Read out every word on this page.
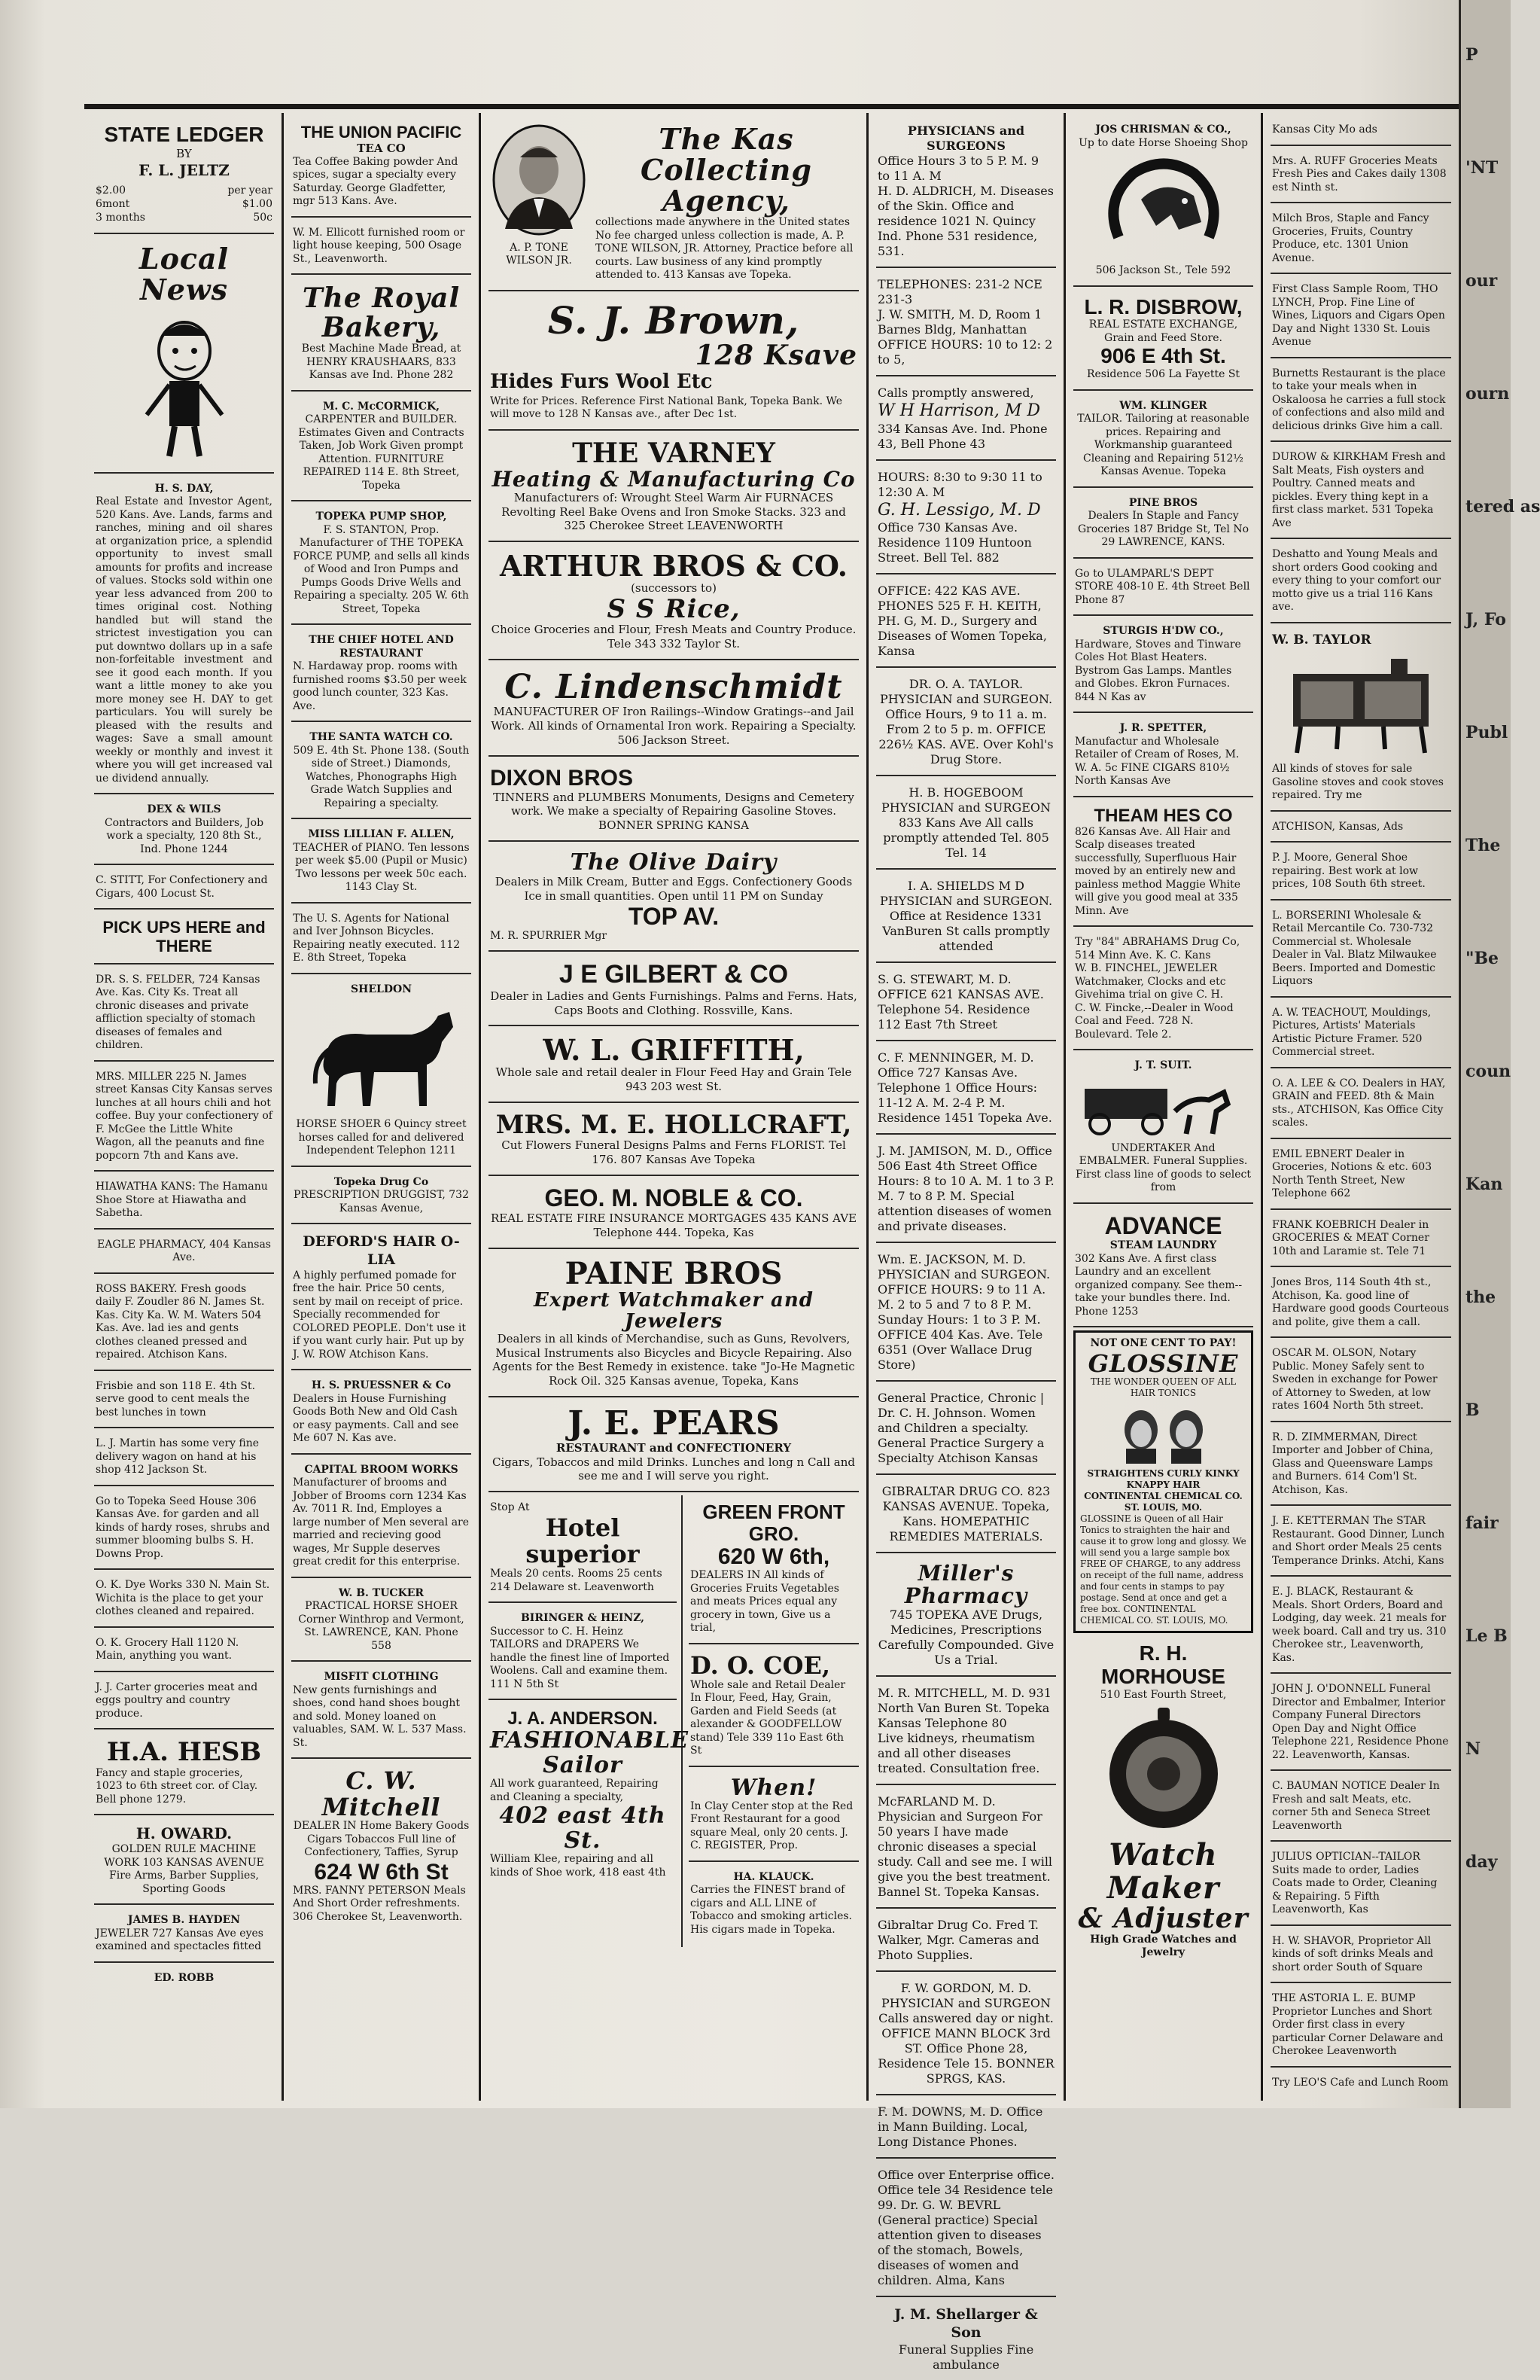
P
'NT
our
ourn
tered as
J, Fo
Publ
The
"Be
coun
Kan
the
B
fair
Le B
N
day
STATE LEDGER
BY
F. L. JELTZ
$2.00	per year
6mont	$1.00
3 months	50c
Local News
H. S. DAY,
Real Estate and Investor Agent, 520 Kans. Ave. Lands, farms and ranches, mining and oil shares at organization price, a splendid opportunity to invest small amounts for profits and increase of values. Stocks sold within one year less advanced from 200 to times original cost. Nothing handled but will stand the strictest investigation you can put downtwo dollars up in a safe non-forfeitable investment and see it good each month. If you want a little money to ake you more money see H. DAY to get particulars. You will surely be pleased with the results and wages: Save a small amount weekly or monthly and invest it where you will get increased val ue dividend annually.
DEX & WILS
Contractors and Builders, Job work a specialty, 120 8th St., Ind. Phone 1244
C. STITT, For Confectionery and Cigars, 400 Locust St.
PICK UPS HERE and THERE
DR. S. S. FELDER, 724 Kansas Ave. Kas. City Ks. Treat all chronic diseases and private affliction specialty of stomach diseases of females and children.
MRS. MILLER 225 N. James street Kansas City Kansas serves lunches at all hours chili and hot coffee. Buy your confectionery of F. McGee the Little White Wagon, all the peanuts and fine popcorn 7th and Kans ave.
HIAWATHA KANS: The Hamanu Shoe Store at Hiawatha and Sabetha.
EAGLE PHARMACY, 404 Kansas Ave.
ROSS BAKERY. Fresh goods daily F. Zoudler 86 N. James St. Kas. City Ka. W. M. Waters 504 Kas. Ave. lad ies and gents clothes cleaned pressed and repaired. Atchison Kans.
Frisbie and son 118 E. 4th St. serve good to cent meals the best lunches in town
L. J. Martin has some very fine delivery wagon on hand at his shop 412 Jackson St.
Go to Topeka Seed House 306 Kansas Ave. for garden and all kinds of hardy roses, shrubs and summer blooming bulbs S. H. Downs Prop.
O. K. Dye Works 330 N. Main St. Wichita is the place to get your clothes cleaned and repaired.
O. K. Grocery Hall 1120 N. Main, anything you want.
J. J. Carter groceries meat and eggs poultry and country produce.
H.A. HESB
Fancy and staple groceries, 1023 to 6th street cor. of Clay. Bell phone 1279.
H. OWARD.
GOLDEN RULE MACHINE WORK 103 KANSAS AVENUE Fire Arms, Barber Supplies, Sporting Goods
JAMES B. HAYDEN
JEWELER 727 Kansas Ave eyes examined and spectacles fitted
ED. ROBB
THE UNION PACIFIC
TEA CO
Tea Coffee Baking powder And spices, sugar a specialty every Saturday. George Gladfetter, mgr 513 Kans. Ave.
W. M. Ellicott furnished room or light house keeping, 500 Osage St., Leavenworth.
The Royal Bakery,
Best Machine Made Bread, at HENRY KRAUSHAARS, 833 Kansas ave Ind. Phone 282
M. C. McCORMICK,
CARPENTER and BUILDER. Estimates Given and Contracts Taken, Job Work Given prompt Attention. FURNITURE REPAIRED 114 E. 8th Street, Topeka
TOPEKA PUMP SHOP,
F. S. STANTON, Prop. Manufacturer of THE TOPEKA FORCE PUMP, and sells all kinds of Wood and Iron Pumps and Pumps Goods Drive Wells and Repairing a specialty. 205 W. 6th Street, Topeka
THE CHIEF HOTEL AND RESTAURANT
N. Hardaway prop. rooms with furnished rooms $3.50 per week good lunch counter, 323 Kas. Ave.
THE SANTA WATCH CO.
509 E. 4th St. Phone 138. (South side of Street.) Diamonds, Watches, Phonographs High Grade Watch Supplies and Repairing a specialty.
MISS LILLIAN F. ALLEN,
TEACHER of PIANO. Ten lessons per week $5.00 (Pupil or Music) Two lessons per week 50c each. 1143 Clay St.
The U. S. Agents for National and Iver Johnson Bicycles. Repairing neatly executed. 112 E. 8th Street, Topeka
SHELDON
HORSE SHOER 6 Quincy street horses called for and delivered Independent Telephon 1211
Topeka Drug Co
PRESCRIPTION DRUGGIST, 732 Kansas Avenue,
DEFORD'S HAIR O-LIA
A highly perfumed pomade for free the hair. Price 50 cents, sent by mail on receipt of price. Specially recommended for COLORED PEOPLE. Don't use it if you want curly hair. Put up by J. W. ROW Atchison Kans.
H. S. PRUESSNER & Co
Dealers in House Furnishing Goods Both New and Old Cash or easy payments. Call and see Me 607 N. Kas ave.
CAPITAL BROOM WORKS
Manufacturer of brooms and Jobber of Brooms corn 1234 Kas Av. 7011 R. Ind, Employes a large number of Men several are married and recieving good wages, Mr Supple deserves great credit for this enterprise.
W. B. TUCKER
PRACTICAL HORSE SHOER Corner Winthrop and Vermont, St. LAWRENCE, KAN. Phone 558
MISFIT CLOTHING
New gents furnishings and shoes, cond hand shoes bought and sold. Money loaned on valuables, SAM. W. L. 537 Mass. St.
C. W. Mitchell
DEALER IN Home Bakery Goods Cigars Tobaccos Full line of Confectionery, Taffies, Syrup
624 W 6th St
MRS. FANNY PETERSON Meals And Short Order refreshments. 306 Cherokee St, Leavenworth.
A. P. TONE WILSON JR.
The Kas Collecting Agency,
collections made anywhere in the United states No fee charged unless collection is made, A. P. TONE WILSON, JR. Attorney, Practice before all courts. Law business of any kind promptly attended to. 413 Kansas ave Topeka.
S. J. Brown,
128 Ksave
Hides Furs Wool Etc
Write for Prices. Reference First National Bank, Topeka Bank. We will move to 128 N Kansas ave., after Dec 1st.
THE VARNEY
Heating & Manufacturing Co
Manufacturers of: Wrought Steel Warm Air FURNACES Revolting Reel Bake Ovens and Iron Smoke Stacks. 323 and 325 Cherokee Street LEAVENWORTH
ARTHUR BROS & CO.
(successors to)
S S Rice,
Choice Groceries and Flour, Fresh Meats and Country Produce. Tele 343 332 Taylor St.
C. Lindenschmidt
MANUFACTURER OF Iron Railings--Window Gratings--and Jail Work. All kinds of Ornamental Iron work. Repairing a Specialty. 506 Jackson Street.
DIXON BROS
TINNERS and PLUMBERS Monuments, Designs and Cemetery work. We make a specialty of Repairing Gasoline Stoves. BONNER SPRING KANSA
The Olive Dairy
Dealers in Milk Cream, Butter and Eggs. Confectionery Goods Ice in small quantities. Open until 11 PM on Sunday
TOP AV.
M. R. SPURRIER Mgr
J E GILBERT & CO
Dealer in Ladies and Gents Furnishings. Palms and Ferns. Hats, Caps Boots and Clothing. Rossville, Kans.
W. L. GRIFFITH,
Whole sale and retail dealer in Flour Feed Hay and Grain Tele 943 203 west St.
MRS. M. E. HOLLCRAFT,
Cut Flowers Funeral Designs Palms and Ferns FLORIST. Tel 176. 807 Kansas Ave Topeka
GEO. M. NOBLE & CO.
REAL ESTATE FIRE INSURANCE MORTGAGES 435 KANS AVE Telephone 444. Topeka, Kas
PAINE BROS
Expert Watchmaker and Jewelers
Dealers in all kinds of Merchandise, such as Guns, Revolvers, Musical Instruments also Bicycles and Bicycle Repairing. Also Agents for the Best Remedy in existence. take "Jo-He Magnetic Rock Oil. 325 Kansas avenue, Topeka, Kans
J. E. PEARS
RESTAURANT and CONFECTIONERY
Cigars, Tobaccos and mild Drinks. Lunches and long n Call and see me and I will serve you right.
Stop At
Hotel superior
Meals 20 cents. Rooms 25 cents 214 Delaware st. Leavenworth
BIRINGER & HEINZ,
Successor to C. H. Heinz TAILORS and DRAPERS We handle the finest line of Imported Woolens. Call and examine them. 111 N 5th St
J. A. ANDERSON.
FASHIONABLE Sailor
All work guaranteed, Repairing and Cleaning a specialty,
402 east 4th St.
William Klee, repairing and all kinds of Shoe work, 418 east 4th
GREEN FRONT GRO.
620 W 6th,
DEALERS IN All kinds of Groceries Fruits Vegetables and meats Prices equal any grocery in town, Give us a trial,
D. O. COE,
Whole sale and Retail Dealer In Flour, Feed, Hay, Grain, Garden and Field Seeds (at alexander & GOODFELLOW stand) Tele 339 11o East 6th St
When!
In Clay Center stop at the Red Front Restaurant for a good square Meal, only 20 cents. J. C. REGISTER, Prop.
HA. KLAUCK.
Carries the FINEST brand of cigars and ALL LINE of Tobacco and smoking articles. His cigars made in Topeka.
PHYSICIANS and SURGEONS
Office Hours 3 to 5 P. M. 9 to 11 A. M
H. D. ALDRICH, M. Diseases of the Skin. Office and residence 1021 N. Quincy Ind. Phone 531 residence, 531.
TELEPHONES: 231-2 NCE 231-3
J. W. SMITH, M. D, Room 1 Barnes Bldg, Manhattan OFFICE HOURS: 10 to 12: 2 to 5,
Calls promptly answered,
W H Harrison, M D
334 Kansas Ave. Ind. Phone 43, Bell Phone 43
HOURS: 8:30 to 9:30 11 to 12:30 A. M
G. H. Lessigo, M. D
Office 730 Kansas Ave. Residence 1109 Huntoon Street. Bell Tel. 882
OFFICE: 422 KAS AVE. PHONES 525 F. H. KEITH, PH. G, M. D., Surgery and Diseases of Women Topeka, Kansa
DR. O. A. TAYLOR. PHYSICIAN and SURGEON. Office Hours, 9 to 11 a. m. From 2 to 5 p. m. OFFICE 226½ KAS. AVE. Over Kohl's Drug Store.
H. B. HOGEBOOM PHYSICIAN and SURGEON 833 Kans Ave All calls promptly attended Tel. 805 Tel. 14
I. A. SHIELDS M D PHYSICIAN and SURGEON. Office at Residence 1331 VanBuren St calls promptly attended
S. G. STEWART, M. D. OFFICE 621 KANSAS AVE. Telephone 54. Residence 112 East 7th Street
C. F. MENNINGER, M. D. Office 727 Kansas Ave. Telephone 1 Office Hours: 11-12 A. M. 2-4 P. M. Residence 1451 Topeka Ave.
J. M. JAMISON, M. D., Office 506 East 4th Street Office Hours: 8 to 10 A. M. 1 to 3 P. M. 7 to 8 P. M. Special attention diseases of women and private diseases.
Wm. E. JACKSON, M. D. PHYSICIAN and SURGEON. OFFICE HOURS: 9 to 11 A. M. 2 to 5 and 7 to 8 P. M. Sunday Hours: 1 to 3 P. M. OFFICE 404 Kas. Ave. Tele 6351 (Over Wallace Drug Store)
General Practice, Chronic | Dr. C. H. Johnson. Women and Children a specialty. General Practice Surgery a Specialty Atchison Kansas
GIBRALTAR DRUG CO. 823 KANSAS AVENUE. Topeka, Kans. HOMEPATHIC REMEDIES MATERIALS.
Miller's Pharmacy
745 TOPEKA AVE Drugs, Medicines, Prescriptions Carefully Compounded. Give Us a Trial.
M. R. MITCHELL, M. D. 931 North Van Buren St. Topeka Kansas Telephone 80
Live kidneys, rheumatism and all other diseases treated. Consultation free.
McFARLAND M. D. Physician and Surgeon For 50 years I have made chronic diseases a special study. Call and see me. I will give you the best treatment. Bannel St. Topeka Kansas.
Gibraltar Drug Co. Fred T. Walker, Mgr. Cameras and Photo Supplies.
F. W. GORDON, M. D. PHYSICIAN and SURGEON Calls answered day or night. OFFICE MANN BLOCK 3rd ST. Office Phone 28, Residence Tele 15. BONNER SPRGS, KAS.
F. M. DOWNS, M. D. Office in Mann Building. Local, Long Distance Phones.
Office over Enterprise office. Office tele 34 Residence tele 99. Dr. G. W. BEVRL (General practice) Special attention given to diseases of the stomach, Bowels, diseases of women and children. Alma, Kans
J. M. Shellarger & Son
Funeral Supplies Fine ambulance
JOS CHRISMAN & CO.,
Up to date Horse Shoeing Shop
506 Jackson St., Tele 592
L. R. DISBROW,
REAL ESTATE EXCHANGE, Grain and Feed Store.
906 E 4th St.
Residence 506 La Fayette St
WM. KLINGER
TAILOR. Tailoring at reasonable prices. Repairing and Workmanship guaranteed Cleaning and Repairing 512½ Kansas Avenue. Topeka
PINE BROS
Dealers In Staple and Fancy Groceries 187 Bridge St, Tel No 29 LAWRENCE, KANS.
Go to ULAMPARL'S DEPT STORE 408-10 E. 4th Street Bell Phone 87
STURGIS H'DW CO.,
Hardware, Stoves and Tinware Coles Hot Blast Heaters. Bystrom Gas Lamps. Mantles and Globes. Ekron Furnaces. 844 N Kas av
J. R. SPETTER,
Manufactur and Wholesale Retailer of Cream of Roses, M. W. A. 5c FINE CIGARS 810½ North Kansas Ave
THEAM HES CO
826 Kansas Ave. All Hair and Scalp diseases treated successfully, Superfluous Hair moved by an entirely new and painless method Maggie White will give you good meal at 335 Minn. Ave
Try "84" ABRAHAMS Drug Co, 514 Minn Ave. K. C. Kans
W. B. FINCHEL, JEWELER Watchmaker, Clocks and etc Givehima trial on give C. H.
C. W. Fincke,--Dealer in Wood Coal and Feed. 728 N. Boulevard. Tele 2.
J. T. SUIT.
UNDERTAKER And EMBALMER. Funeral Supplies. First class line of goods to select from
ADVANCE
STEAM LAUNDRY
302 Kans Ave. A first class Laundry and an excellent organized company. See them--take your bundles there. Ind. Phone 1253
NOT ONE CENT TO PAY!
GLOSSINE
THE WONDER QUEEN OF ALL HAIR TONICS
STRAIGHTENS CURLY KINKY KNAPPY HAIR
CONTINENTAL CHEMICAL CO. ST. LOUIS, MO.
GLOSSINE is Queen of all Hair Tonics to straighten the hair and cause it to grow long and glossy. We will send you a large sample box FREE OF CHARGE, to any address on receipt of the full name, address and four cents in stamps to pay postage. Send at once and get a free box. CONTINENTAL CHEMICAL CO. ST. LOUIS, MO.
R. H. MORHOUSE
510 East Fourth Street,
Watch
Maker
& Adjuster
High Grade Watches and Jewelry
Kansas City Mo ads
Mrs. A. RUFF Groceries Meats Fresh Pies and Cakes daily 1308 est Ninth st.
Milch Bros, Staple and Fancy Groceries, Fruits, Country Produce, etc. 1301 Union Avenue.
First Class Sample Room, THO LYNCH, Prop. Fine Line of Wines, Liquors and Cigars Open Day and Night 1330 St. Louis Avenue
Burnetts Restaurant is the place to take your meals when in Oskaloosa he carries a full stock of confections and also mild and delicious drinks Give him a call.
DUROW & KIRKHAM Fresh and Salt Meats, Fish oysters and Poultry. Canned meats and pickles. Every thing kept in a first class market. 531 Topeka Ave
Deshatto and Young Meals and short orders Good cooking and every thing to your comfort our motto give us a trial 116 Kans ave.
W. B. TAYLOR
All kinds of stoves for sale Gasoline stoves and cook stoves repaired. Try me
ATCHISON, Kansas, Ads
P. J. Moore, General Shoe repairing. Best work at low prices, 108 South 6th street.
L. BORSERINI Wholesale & Retail Mercantile Co. 730-732 Commercial st. Wholesale Dealer in Val. Blatz Milwaukee Beers. Imported and Domestic Liquors
A. W. TEACHOUT, Mouldings, Pictures, Artists' Materials Artistic Picture Framer. 520 Commercial street.
O. A. LEE & CO. Dealers in HAY, GRAIN and FEED. 8th & Main sts., ATCHISON, Kas Office City scales.
EMIL EBNERT Dealer in Groceries, Notions & etc. 603 North Tenth Street, New Telephone 662
FRANK KOEBRICH Dealer in GROCERIES & MEAT Corner 10th and Laramie st. Tele 71
Jones Bros, 114 South 4th st., Atchison, Ka. good line of Hardware good goods Courteous and polite, give them a call.
OSCAR M. OLSON, Notary Public. Money Safely sent to Sweden in exchange for Power of Attorney to Sweden, at low rates 1604 North 5th street.
R. D. ZIMMERMAN, Direct Importer and Jobber of China, Glass and Queensware Lamps and Burners. 614 Com'l St. Atchison, Kas.
J. E. KETTERMAN The STAR Restaurant. Good Dinner, Lunch and Short order Meals 25 cents Temperance Drinks. Atchi, Kans
E. J. BLACK, Restaurant & Meals. Short Orders, Board and Lodging, day week. 21 meals for week board. Call and try us. 310 Cherokee str., Leavenworth, Kas.
JOHN J. O'DONNELL Funeral Director and Embalmer, Interior Company Funeral Directors Open Day and Night Office Telephone 221, Residence Phone 22. Leavenworth, Kansas.
C. BAUMAN NOTICE Dealer In Fresh and salt Meats, etc. corner 5th and Seneca Street Leavenworth
JULIUS OPTICIAN--TAILOR Suits made to order, Ladies Coats made to Order, Cleaning & Repairing. 5 Fifth Leavenworth, Kas
H. W. SHAVOR, Proprietor All kinds of soft drinks Meals and short order South of Square
THE ASTORIA L. E. BUMP Proprietor Lunches and Short Order first class in every particular Corner Delaware and Cherokee Leavenworth
Try LEO'S Cafe and Lunch Room
